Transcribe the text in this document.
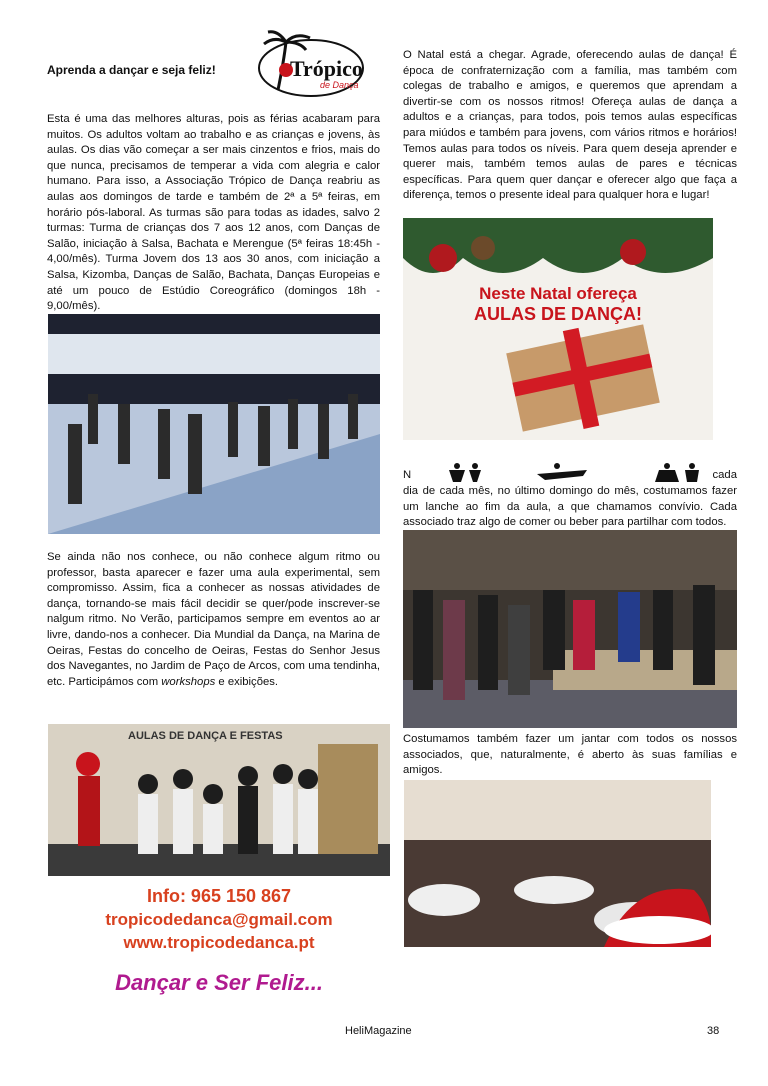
Aprenda a dançar e seja feliz!	Trópico
de Dança
Esta é uma das melhores alturas, pois as férias acabaram para muitos. Os adultos voltam ao trabalho e as crianças e jovens, às aulas. Os dias vão começar a ser mais cinzentos e frios, mais do que nunca, precisamos de temperar a vida com alegria e calor humano. Para isso, a Associação Trópico de Dança reabriu as aulas aos domingos de tarde e também de 2ª a 5ª feiras, em horário pós-laboral. As turmas são para todas as idades, salvo 2 turmas: Turma de crianças dos 7 aos 12 anos, com Danças de Salão, iniciação à Salsa, Bachata e Merengue (5ª feiras 18:45h - 4,00/mês). Turma Jovem dos 13 aos 30 anos, com iniciação a Salsa, Kizomba, Danças de Salão, Bachata, Danças Europeias e até um pouco de Estúdio Coreográfico (domingos 18h - 9,00/mês).
Se ainda não nos conhece, ou não conhece algum ritmo ou professor, basta aparecer e fazer uma aula experimental, sem compromisso. Assim, fica a conhecer as nossas atividades de dança, tornando-se mais fácil decidir se quer/pode inscrever-se nalgum ritmo. No Verão, participamos sempre em eventos ao ar livre, dando-nos a conhecer. Dia Mundial da Dança, na Marina de Oeiras, Festas do concelho de Oeiras, Festas do Senhor Jesus dos Navegantes, no Jardim de Paço de Arcos, com uma tendinha, etc. Participámos com workshops e exibições.
AULAS DE DANÇA E FESTAS
Info: 965 150 867
tropicodedanca@gmail.com
www.tropicodedanca.pt
Dançar e Ser Feliz...
O Natal está a chegar. Agrade, oferecendo aulas de dança! É época de confraternização com a família, mas também com colegas de trabalho e amigos, e queremos que aprendam a divertir-se com os nossos ritmos! Ofereça aulas de dança a adultos e a crianças, para todos, pois temos aulas específicas para miúdos e também para jovens, com vários ritmos e horários! Temos aulas para todos os níveis. Para quem deseja aprender e querer mais, também temos aulas de pares e técnicas específicas. Para quem quer dançar e oferecer algo que faça a diferença, temos o presente ideal para qualquer hora e lugar!
Neste Natal ofereça
AULAS DE DANÇA!
N	cada
dia de cada mês, no último domingo do mês, costumamos fazer um lanche ao fim da aula, a que chamamos convívio. Cada associado traz algo de comer ou beber para partilhar com todos.
Costumamos também fazer um jantar com todos os nossos associados, que, naturalmente, é aberto às suas famílias e amigos.
HeliMagazine	38
